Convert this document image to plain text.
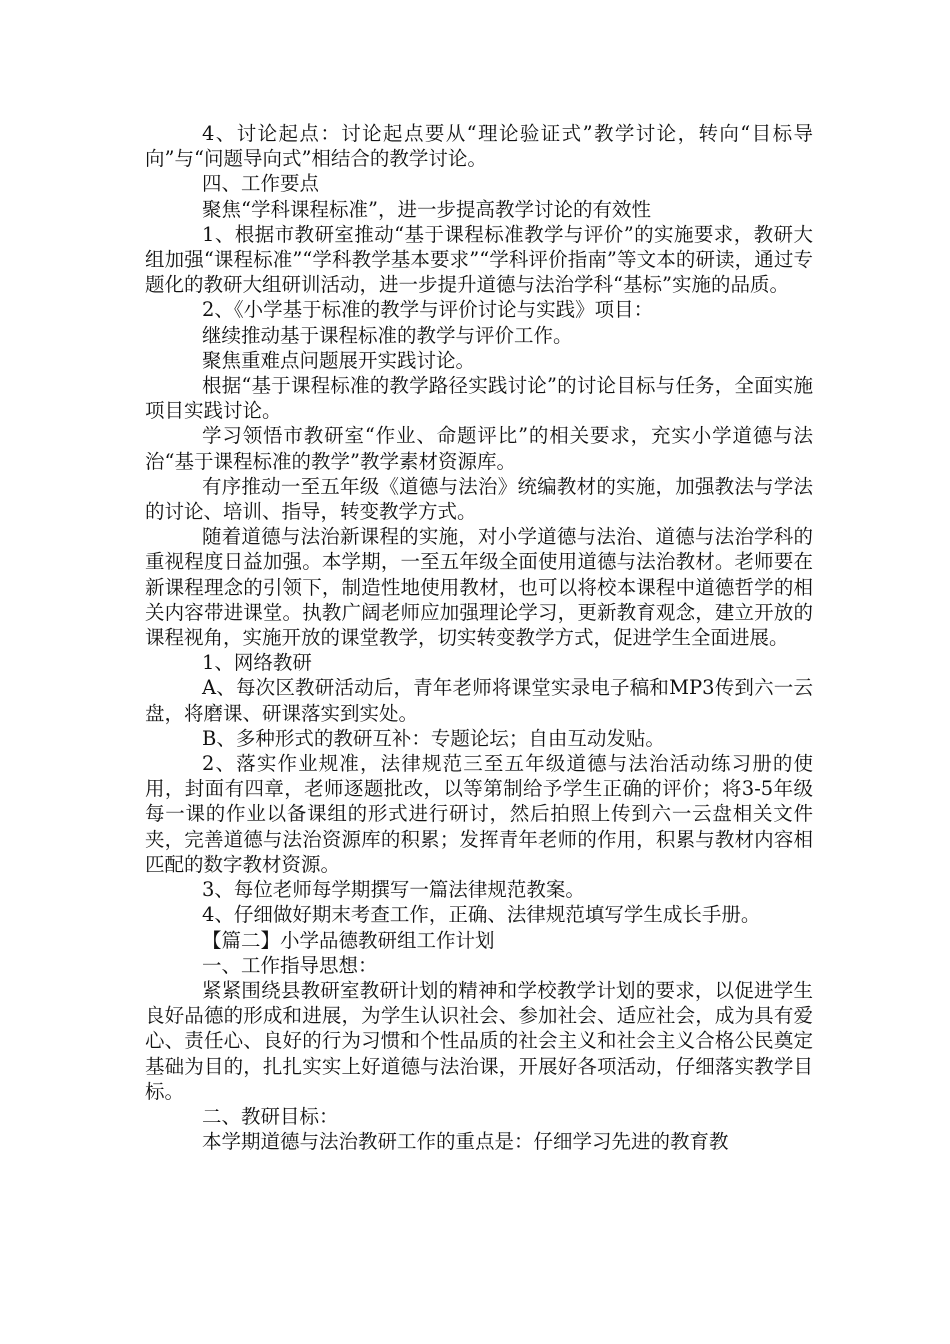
4、讨论起点：讨论起点要从“理论验证式”教学讨论，转向“目标导向”与“问题导向式”相结合的教学讨论。

四、工作要点

聚焦“学科课程标准”，进一步提高教学讨论的有效性

1、根据市教研室推动“基于课程标准教学与评价”的实施要求，教研大组加强“课程标准”“学科教学基本要求”“学科评价指南”等文本的研读，通过专题化的教研大组研训活动，进一步提升道德与法治学科“基标”实施的品质。

2、《小学基于标准的教学与评价讨论与实践》项目：

继续推动基于课程标准的教学与评价工作。

聚焦重难点问题展开实践讨论。

根据“基于课程标准的教学路径实践讨论”的讨论目标与任务，全面实施项目实践讨论。

学习领悟市教研室“作业、命题评比”的相关要求，充实小学道德与法治“基于课程标准的教学”教学素材资源库。

有序推动一至五年级《道德与法治》统编教材的实施，加强教法与学法的讨论、培训、指导，转变教学方式。

随着道德与法治新课程的实施，对小学道德与法治、道德与法治学科的重视程度日益加强。本学期，一至五年级全面使用道德与法治教材。老师要在新课程理念的引领下，制造性地使用教材，也可以将校本课程中道德哲学的相关内容带进课堂。执教广阔老师应加强理论学习，更新教育观念，建立开放的课程视角，实施开放的课堂教学，切实转变教学方式，促进学生全面进展。

1、网络教研

A、每次区教研活动后，青年老师将课堂实录电子稿和MP3传到六一云盘，将磨课、研课落实到实处。

B、多种形式的教研互补：专题论坛；自由互动发贴。

2、落实作业规准，法律规范三至五年级道德与法治活动练习册的使用，封面有四章，老师逐题批改，以等第制给予学生正确的评价；将3-5年级每一课的作业以备课组的形式进行研讨，然后拍照上传到六一云盘相关文件夹，完善道德与法治资源库的积累；发挥青年老师的作用，积累与教材内容相匹配的数字教材资源。

3、每位老师每学期撰写一篇法律规范教案。

4、仔细做好期末考查工作，正确、法律规范填写学生成长手册。

【篇二】小学品德教研组工作计划

一、工作指导思想：

紧紧围绕县教研室教研计划的精神和学校教学计划的要求，以促进学生良好品德的形成和进展，为学生认识社会、参加社会、适应社会，成为具有爱心、责任心、良好的行为习惯和个性品质的社会主义和社会主义合格公民奠定基础为目的，扎扎实实上好道德与法治课，开展好各项活动，仔细落实教学目标。

二、教研目标：

本学期道德与法治教研工作的重点是：仔细学习先进的教育教
